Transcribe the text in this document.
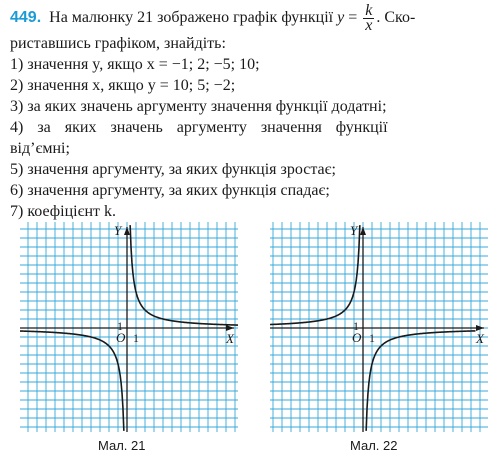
449. На малюнку 21 зображено графік функції $y = \frac{k}{x}$ . Ско-
риставшись графіком, знайдіть:
1) значення y, якщо x = −1; 2; −5; 10;
2) значення x, якщо y = 10; 5; −2;
3) за яких значень аргументу значення функції додатні;
4) за яких значень аргументу значення функції
від’ємні;
5) значення аргументу, за яких функція зростає;
6) значення аргументу, за яких функція спадає;
7) коефіцієнт k.
X
Y
O 1
1
X
Y
O 1
1
Мал. 21	Мал. 22
